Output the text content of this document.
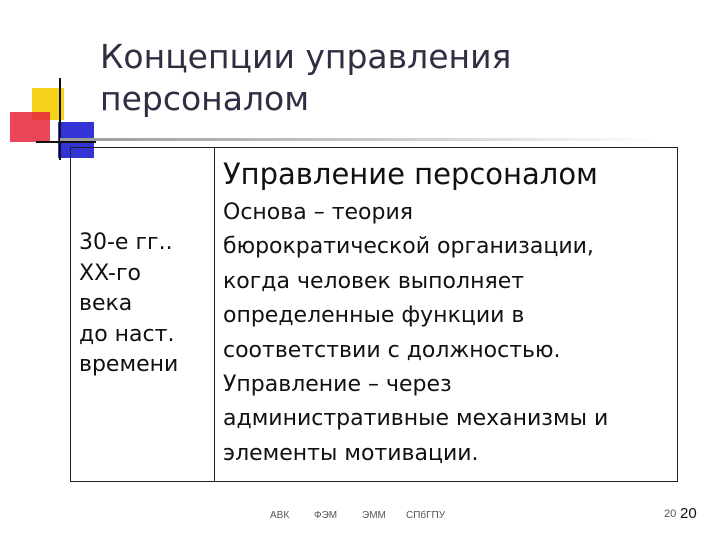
Концепции управления
персоналом
30-е гг..
XX-го
века
до наст.
времени
Управление персоналом
Основа – теория
бюрократической организации,
когда человек выполняет
определенные функции в
соответствии с должностью.
Управление – через
административные механизмы и
элементы мотивации.
АВК ФЭМ ЭММ СПбГПУ	20 20
